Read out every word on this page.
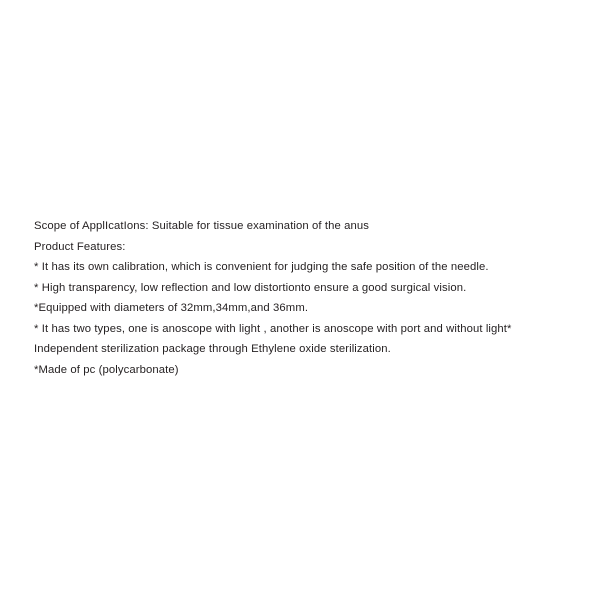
Scope of ApplIcatIons: Suitable for tissue examination of the anus
Product Features:
* It has its own calibration, which is convenient for judging the safe position of the needle.
* High transparency, low reflection and low distortionto ensure a good surgical vision.
*Equipped with diameters of 32mm,34mm,and 36mm.
* It has two types, one is anoscope with light , another is anoscope with port and without light*
Independent sterilization package through Ethylene oxide sterilization.
*Made of pc (polycarbonate)
